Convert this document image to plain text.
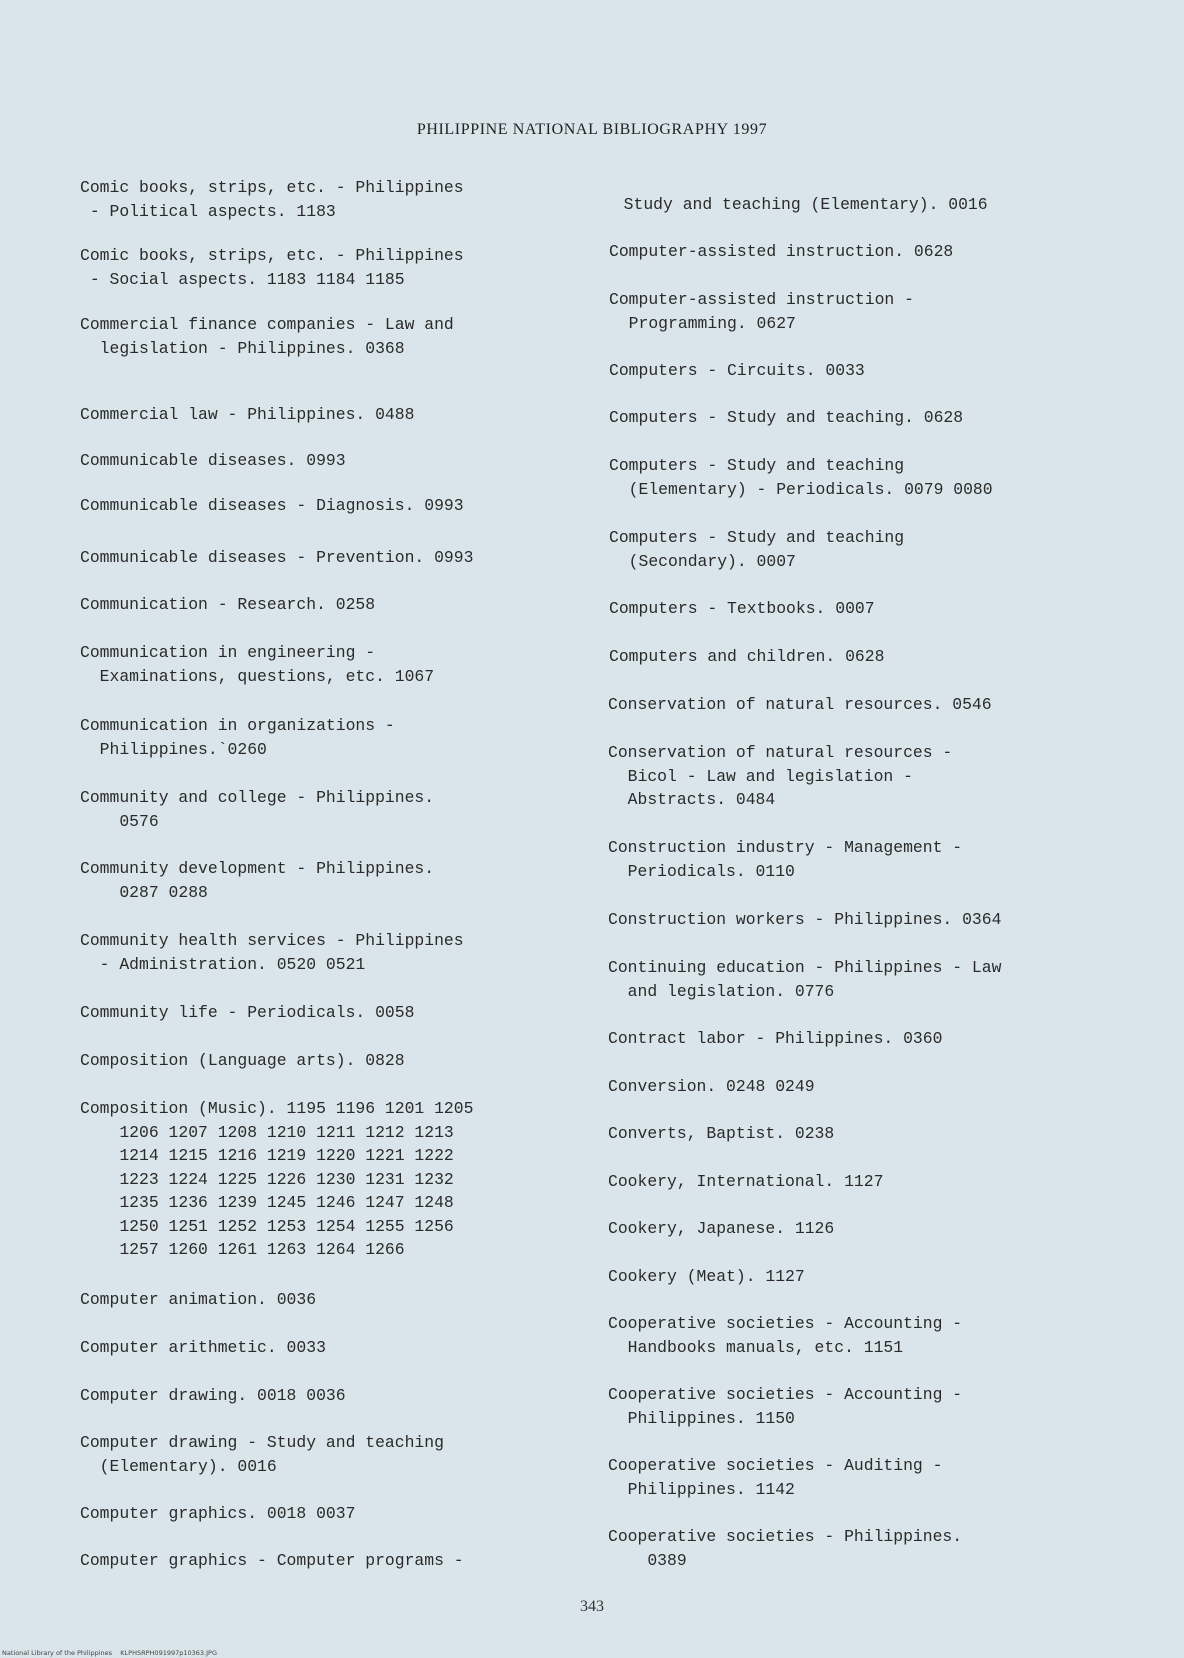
PHILIPPINE NATIONAL BIBLIOGRAPHY 1997
Comic books, strips, etc. - Philippines
- Political aspects. 1183
Comic books, strips, etc. - Philippines
- Social aspects. 1183 1184 1185
Commercial finance companies - Law and
legislation - Philippines. 0368
Commercial law - Philippines. 0488
Communicable diseases. 0993
Communicable diseases - Diagnosis. 0993
Communicable diseases - Prevention. 0993
Communication - Research. 0258
Communication in engineering -
Examinations, questions, etc. 1067
Communication in organizations -
Philippines.`0260
Community and college - Philippines.
0576
Community development - Philippines.
0287 0288
Community health services - Philippines
- Administration. 0520 0521
Community life - Periodicals. 0058
Composition (Language arts). 0828
Composition (Music). 1195 1196 1201 1205
1206 1207 1208 1210 1211 1212 1213
1214 1215 1216 1219 1220 1221 1222
1223 1224 1225 1226 1230 1231 1232
1235 1236 1239 1245 1246 1247 1248
1250 1251 1252 1253 1254 1255 1256
1257 1260 1261 1263 1264 1266
Computer animation. 0036
Computer arithmetic. 0033
Computer drawing. 0018 0036
Computer drawing - Study and teaching
(Elementary). 0016
Computer graphics. 0018 0037
Computer graphics - Computer programs -
Study and teaching (Elementary). 0016
Computer-assisted instruction. 0628
Computer-assisted instruction -
Programming. 0627
Computers - Circuits. 0033
Computers - Study and teaching. 0628
Computers - Study and teaching
(Elementary) - Periodicals. 0079 0080
Computers - Study and teaching
(Secondary). 0007
Computers - Textbooks. 0007
Computers and children. 0628
Conservation of natural resources. 0546
Conservation of natural resources -
Bicol - Law and legislation -
Abstracts. 0484
Construction industry - Management -
Periodicals. 0110
Construction workers - Philippines. 0364
Continuing education - Philippines - Law
and legislation. 0776
Contract labor - Philippines. 0360
Conversion. 0248 0249
Converts, Baptist. 0238
Cookery, International. 1127
Cookery, Japanese. 1126
Cookery (Meat). 1127
Cooperative societies - Accounting -
Handbooks manuals, etc. 1151
Cooperative societies - Accounting -
Philippines. 1150
Cooperative societies - Auditing -
Philippines. 1142
Cooperative societies - Philippines.
0389
343
National Library of the Philippines    KLPHSRPH091997p10363.JPG
